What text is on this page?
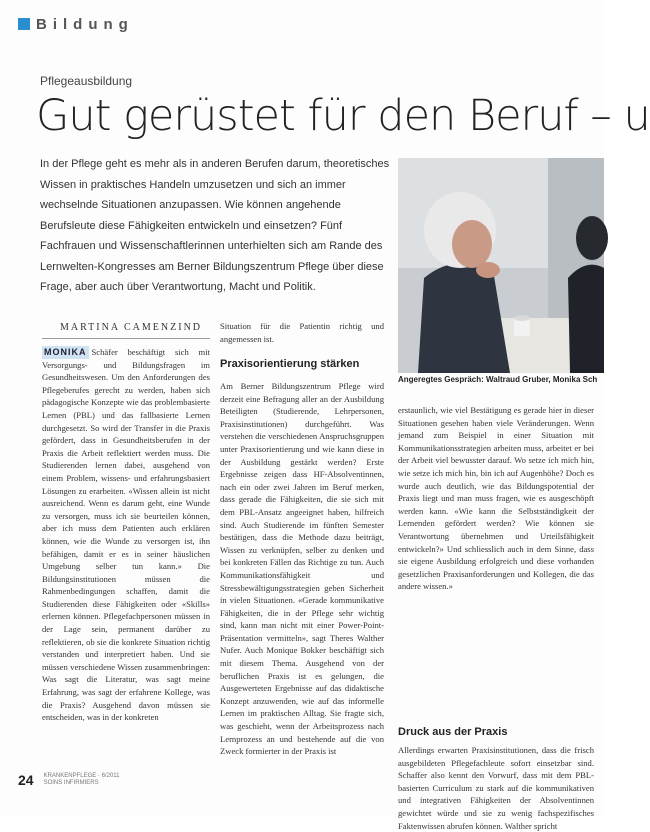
Bildung
Pflegeausbildung
Gut gerüstet für den Beruf – u

In der Pflege geht es mehr als in anderen Berufen darum, theoretisches Wissen in praktisches Handeln umzusetzen und sich an immer wechselnde Situationen anzupassen. Wie können angehende Berufsleute diese Fähigkeiten entwickeln und einsetzen? Fünf Fachfrauen und Wissenschaftlerinnen unterhielten sich am Rande des Lernwelten-Kongresses am Berner Bildungszentrum Pflege über diese Frage, aber auch über Verantwortung, Macht und Politik.

Angeregtes Gespräch: Waltraud Gruber, Monika Sch
MARTINA CAMENZIND

MONIKA Schäfer beschäftigt sich mit Versorgungs- und Bildungsfragen im Gesundheitswesen. Um den Anforderungen des Pflegeberufes gerecht zu werden, haben sich pädagogische Konzepte wie das problembasierte Lernen (PBL) und das fallbasierte Lernen durchgesetzt. So wird der Transfer in die Praxis gefördert, dass in Gesundheitsberufen in der Praxis die Arbeit reflektiert werden muss. Die Studierenden lernen dabei, ausgehend von einem Problem, wissens- und erfahrungsbasiert Lösungen zu erarbeiten. «Wissen allein ist nicht ausreichend. Wenn es darum geht, eine Wunde zu versorgen, muss ich sie beurteilen können, aber ich muss dem Patienten auch erklären können, wie die Wunde zu versorgen ist, ihn befähigen, damit er es in seiner häuslichen Umgebung selber tun kann.» Die Bildungsinstitutionen müssen die Rahmenbedingungen schaffen, damit die Studierenden diese Fähigkeiten oder «Skills» erlernen können. Pflegefachpersonen müssen in der Lage sein, permanent darüber zu reflektieren, ob sie die konkrete Situation richtig verstanden und interpretiert haben. Und sie müssen verschiedene Wissen zusammenbringen: Was sagt die Literatur, was sagt meine Erfahrung, was sagt der erfahrene Kollege, was die Praxis? Ausgehend davon müssen sie entscheiden, was in der konkreten

Situation für die Patientin richtig und angemessen ist.

Praxisorientierung stärken

Am Berner Bildungszentrum Pflege wird derzeit eine Befragung aller an der Ausbildung Beteiligten (Studierende, Lehrpersonen, Praxisinstitutionen) durchgeführt. Was verstehen die verschiedenen Anspruchsgruppen unter Praxisorientierung und wie kann diese in der Ausbildung gestärkt werden? Erste Ergebnisse zeigen dass HF-Absolventinnen, nach ein oder zwei Jahren im Beruf merken, dass gerade die Fähigkeiten, die sie sich mit dem PBL-Ansatz angeeignet haben, hilfreich sind. Auch Studierende im fünften Semester bestätigen, dass die Methode dazu beiträgt, Wissen zu verknüpfen, selber zu denken und bei konkreten Fällen das Richtige zu tun. Auch Kommunikationsfähigkeit und Stressbewältigungsstrategien geben Sicherheit in vielen Situationen. «Gerade kommunikative Fähigkeiten, die in der Pflege sehr wichtig sind, kann man nicht mit einer Power-Point-Präsentation vermitteln», sagt Theres Walther Nufer. Auch Monique Bokker beschäftigt sich mit diesem Thema. Ausgehend von der beruflichen Praxis ist es gelungen, die Ausgewerteten Ergebnisse auf das didaktische Konzept anzuwenden, wie auf das informelle Lernen im praktischen Alltag. Sie fragte sich, was geschieht, wenn der Arbeitsprozess nach Lernprozess an und bestehende auf die von Zweck formierter in der Praxis ist

erstaunlich, wie viel Bestätigung es gerade hier in dieser Situationen gesehen haben viele Veränderungen. Wenn jemand zum Beispiel in einer Situation mit Kommunikationsstrategien arbeiten muss, arbeitet er bei der Arbeit viel bewusster darauf. Wo setze ich mich hin, wie setze ich mich hin, bin ich auf Augenhöhe? Doch es wurde auch deutlich, wie das Bildungspotential der Praxis liegt und man muss fragen, wie es ausgeschöpft werden kann. «Wie kann die Selbstständigkeit der Lernenden gefördert werden? Wie können sie Verantwortung übernehmen und Urteilsfähigkeit entwickeln?» Und schliesslich auch in dem Sinne, dass sie eigene Ausbildung erfolgreich und diese vorhanden gesetzlichen Praxisanforderungen und Kollegen, die das andere wissen.»

Druck aus der Praxis

Allerdings erwarten Praxisinstitutionen, dass die frisch ausgebildeten Pflegefachleute sofort einsetzbar sind. Schaffer also kennt den Vorwurf, dass mit dem PBL-basierten Curriculum zu stark auf die kommunikativen und integrativen Fähigkeiten der Absolventinnen gewichtet würde und sie zu wenig fachspezifisches Faktenwissen abrufen können. Walther spricht

24 KRANKENPFLEGE · 6/2011
SOINS INFIRMIERS
